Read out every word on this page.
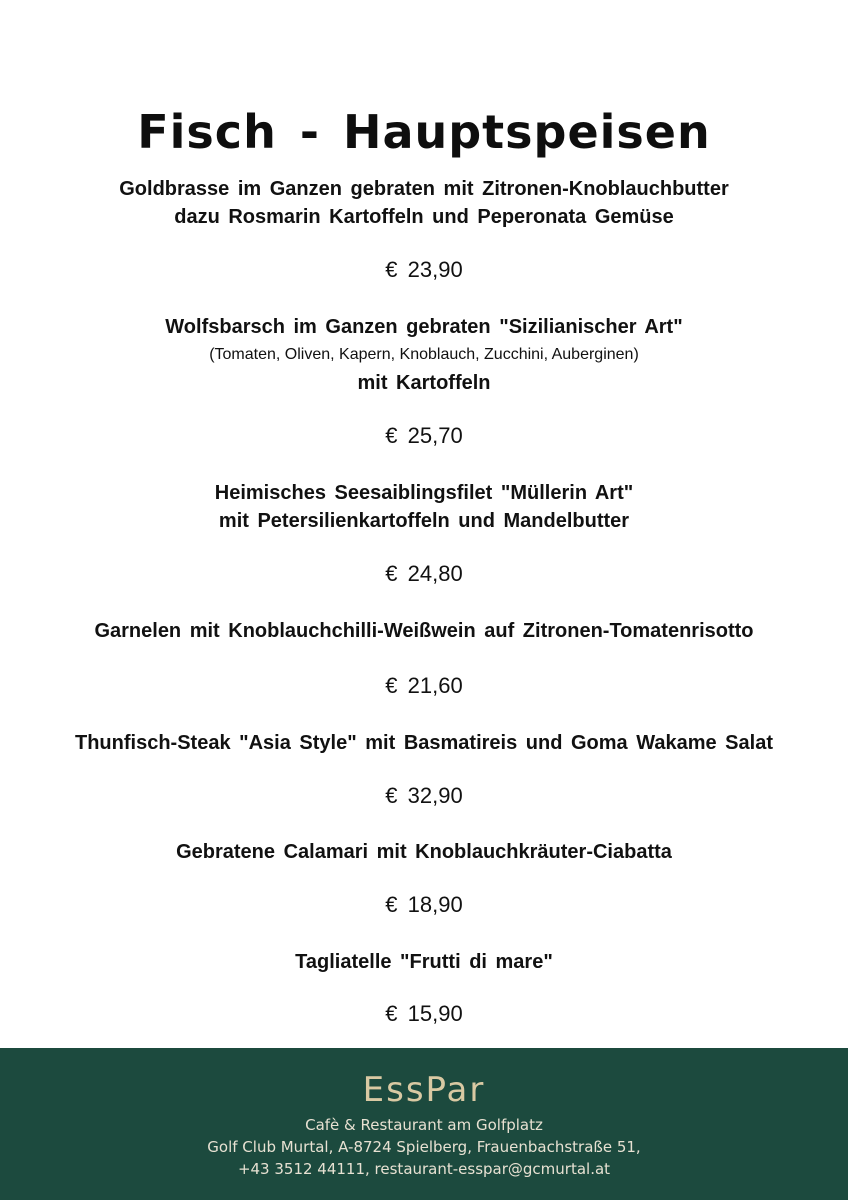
Fisch - Hauptspeisen
Goldbrasse im Ganzen gebraten mit Zitronen-Knoblauchbutter
dazu Rosmarin Kartoffeln und Peperonata Gemüse
€ 23,90
Wolfsbarsch im Ganzen gebraten "Sizilianischer Art"
(Tomaten, Oliven, Kapern, Knoblauch, Zucchini, Auberginen)
mit Kartoffeln
€ 25,70
Heimisches Seesaiblingsfilet "Müllerin Art"
mit Petersilienkartoffeln und Mandelbutter
€ 24,80
Garnelen mit Knoblauchchilli-Weißwein auf Zitronen-Tomatenrisotto
€ 21,60
Thunfisch-Steak "Asia Style" mit Basmatireis und Goma Wakame Salat
€ 32,90
Gebratene Calamari mit Knoblauchkräuter-Ciabatta
€ 18,90
Tagliatelle "Frutti di mare"
€ 15,90
EssPar
Cafè & Restaurant am Golfplatz
Golf Club Murtal, A-8724 Spielberg, Frauenbachstraße 51,
+43 3512 44111, restaurant-esspar@gcmurtal.at
